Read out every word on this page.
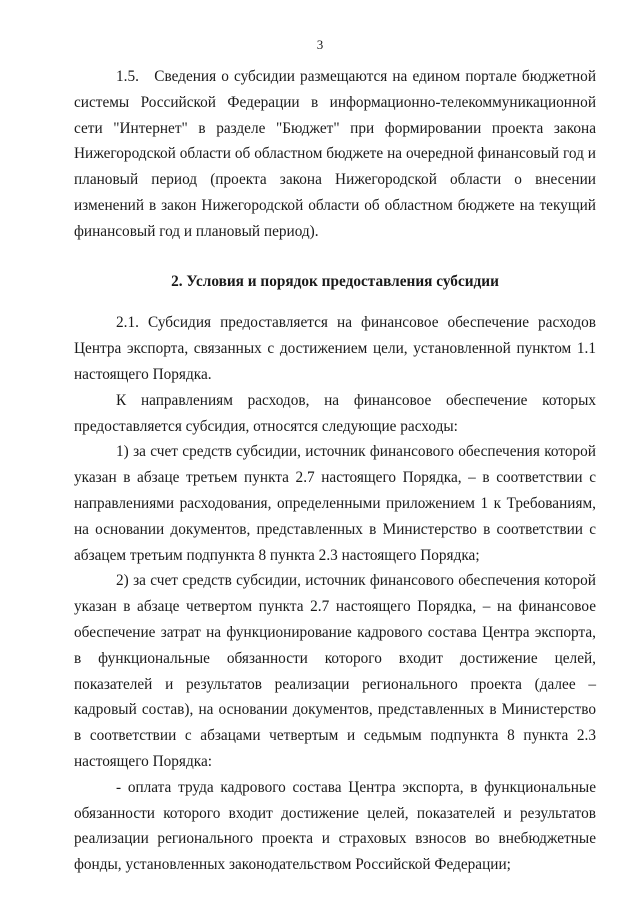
3

1.5.   Сведения о субсидии размещаются на едином портале бюджетной системы Российской Федерации в информационно-телекоммуникационной сети "Интернет" в разделе "Бюджет" при формировании проекта закона Нижегородской области об областном бюджете на очередной финансовый год и плановый период (проекта закона Нижегородской области о внесении изменений в закон Нижегородской области об областном бюджете на текущий финансовый год и плановый период).

2. Условия и порядок предоставления субсидии

2.1. Субсидия предоставляется на финансовое обеспечение расходов Центра экспорта, связанных с достижением цели, установленной пунктом 1.1 настоящего Порядка.

К направлениям расходов, на финансовое обеспечение которых предоставляется субсидия, относятся следующие расходы:

1) за счет средств субсидии, источник финансового обеспечения которой указан в абзаце третьем пункта 2.7 настоящего Порядка, – в соответствии с направлениями расходования, определенными приложением 1 к Требованиям, на основании документов, представленных в Министерство в соответствии с абзацем третьим подпункта 8 пункта 2.3 настоящего Порядка;

2) за счет средств субсидии, источник финансового обеспечения которой указан в абзаце четвертом пункта 2.7 настоящего Порядка, – на финансовое обеспечение затрат на функционирование кадрового состава Центра экспорта, в функциональные обязанности которого входит достижение целей, показателей и результатов реализации регионального проекта (далее – кадровый состав), на основании документов, представленных в Министерство в соответствии с абзацами четвертым и седьмым подпункта 8 пункта 2.3 настоящего Порядка:

- оплата труда кадрового состава Центра экспорта, в функциональные обязанности которого входит достижение целей, показателей и результатов реализации регионального проекта и страховых взносов во внебюджетные фонды, установленных законодательством Российской Федерации;
